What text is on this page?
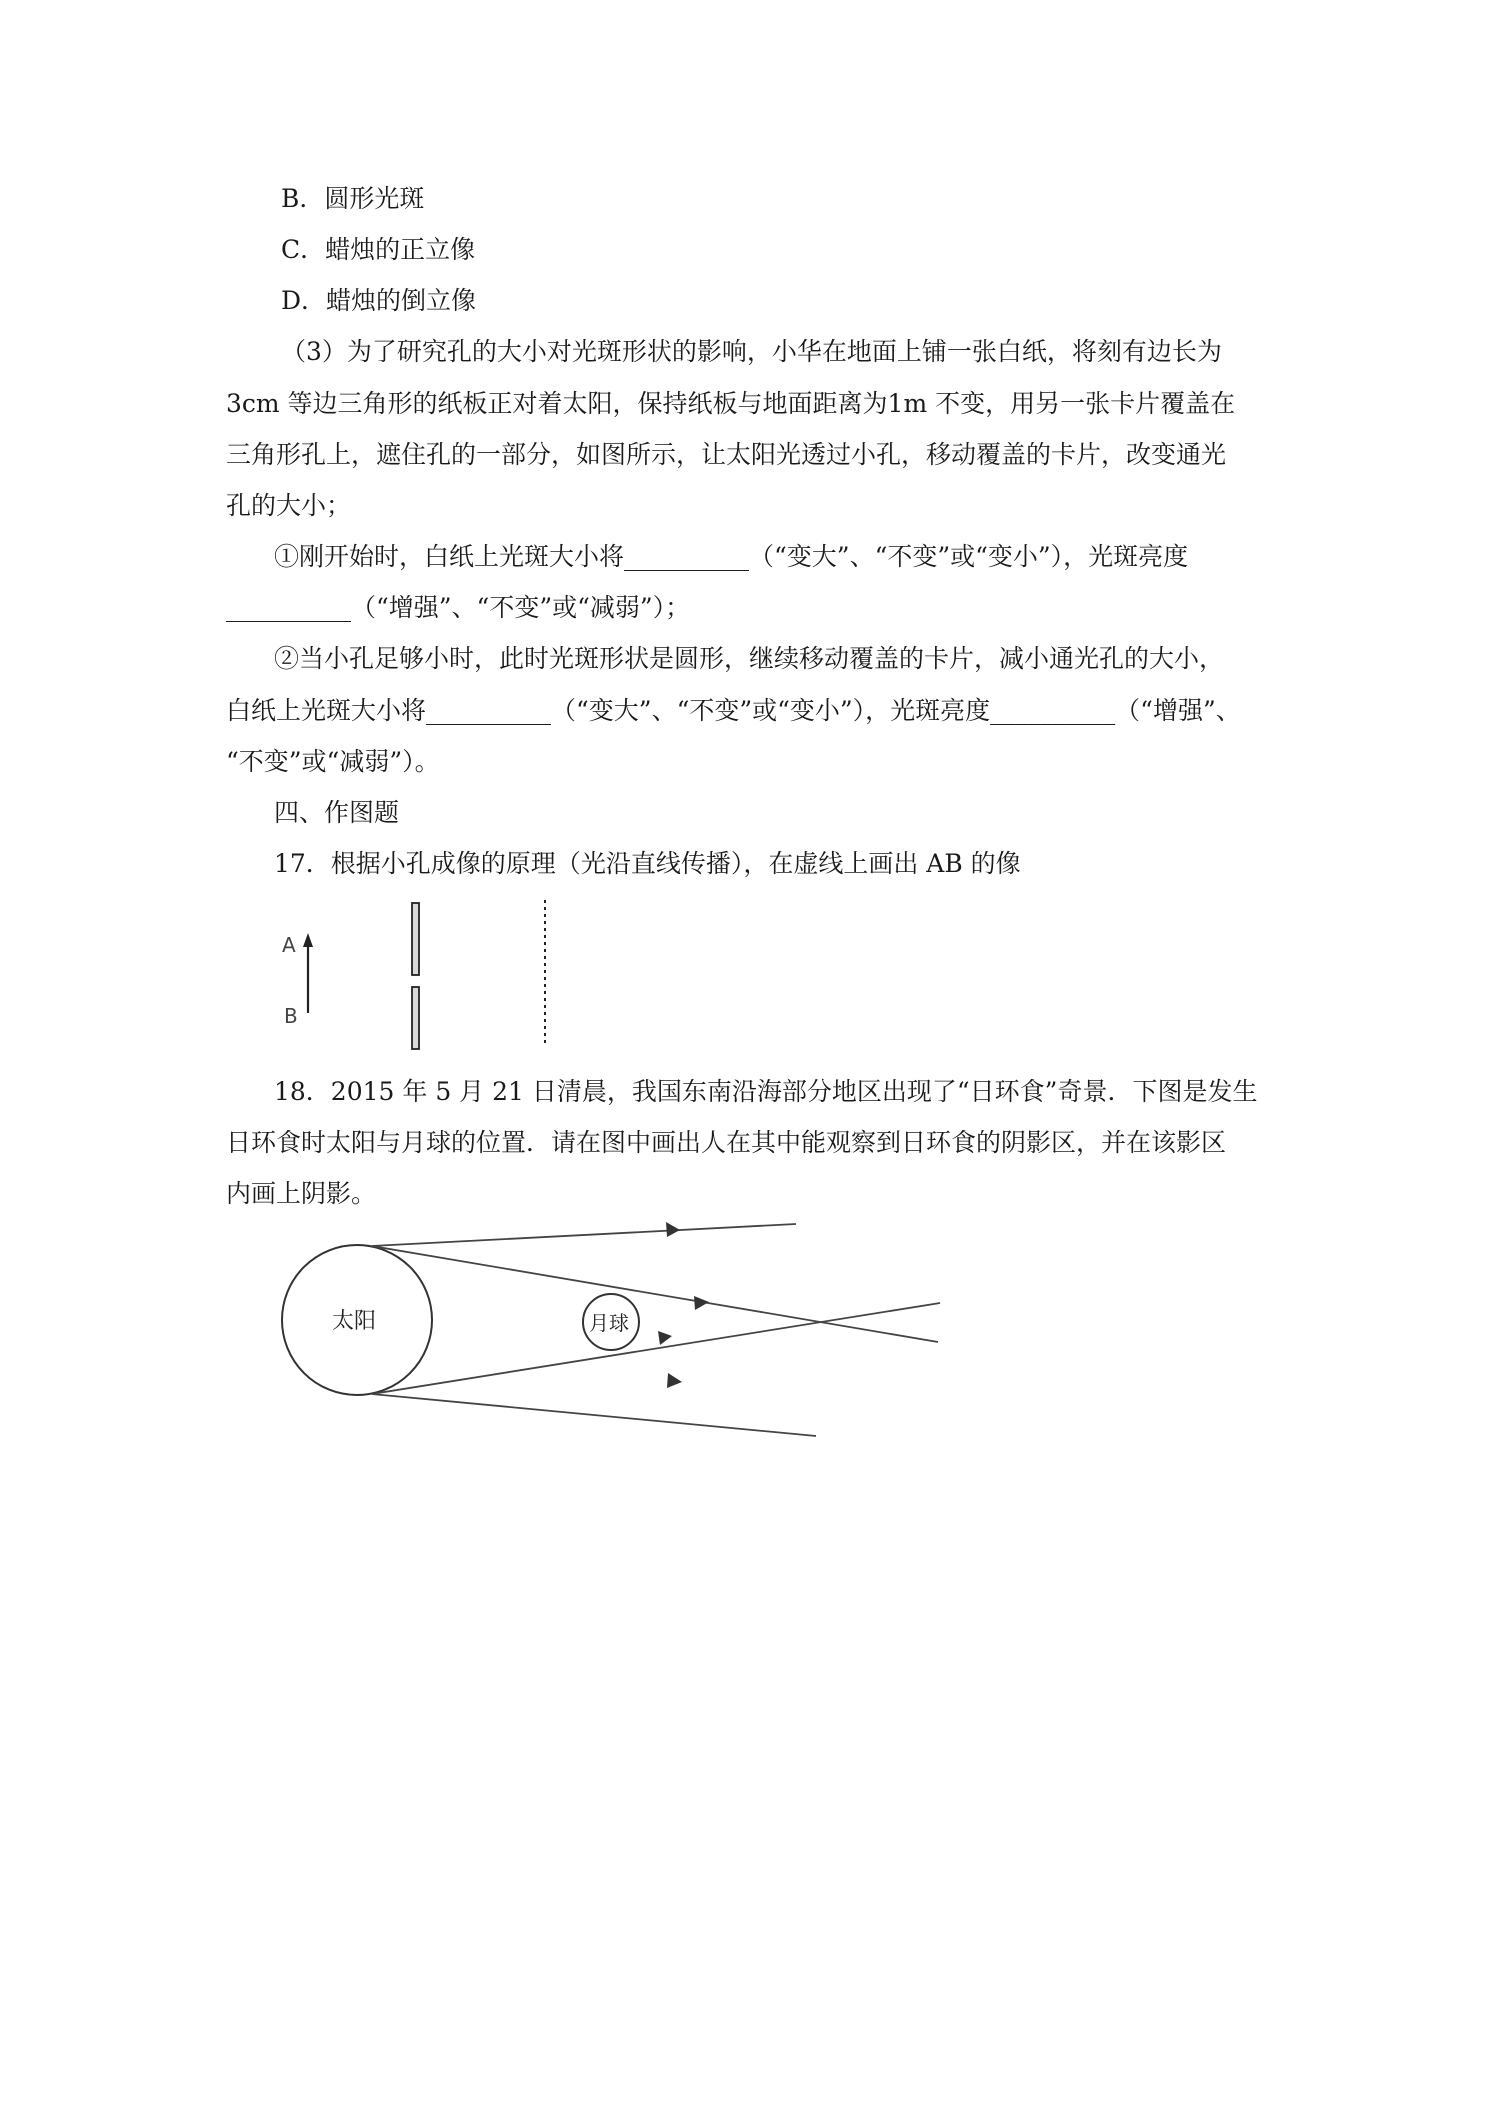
B．圆形光斑
C．蜡烛的正立像
D．蜡烛的倒立像
（3）为了研究孔的大小对光斑形状的影响，小华在地面上铺一张白纸，将刻有边长为
3cm 等边三角形的纸板正对着太阳，保持纸板与地面距离为1m 不变，用另一张卡片覆盖在
三角形孔上，遮住孔的一部分，如图所示，让太阳光透过小孔，移动覆盖的卡片，改变通光
孔的大小；
①刚开始时，白纸上光斑大小将__________（“变大”、“不变”或“变小”），光斑亮度
__________（“增强”、“不变”或“减弱”）；
②当小孔足够小时，此时光斑形状是圆形，继续移动覆盖的卡片，减小通光孔的大小，
白纸上光斑大小将__________（“变大”、“不变”或“变小”），光斑亮度__________（“增强”、
“不变”或“减弱”）。
四、作图题
17．根据小孔成像的原理（光沿直线传播），在虚线上画出 AB 的像
A
B
18．2015 年 5 月 21 日清晨，我国东南沿海部分地区出现了“日环食”奇景．下图是发生
日环食时太阳与月球的位置．请在图中画出人在其中能观察到日环食的阴影区，并在该影区
内画上阴影。
太阳	月球
